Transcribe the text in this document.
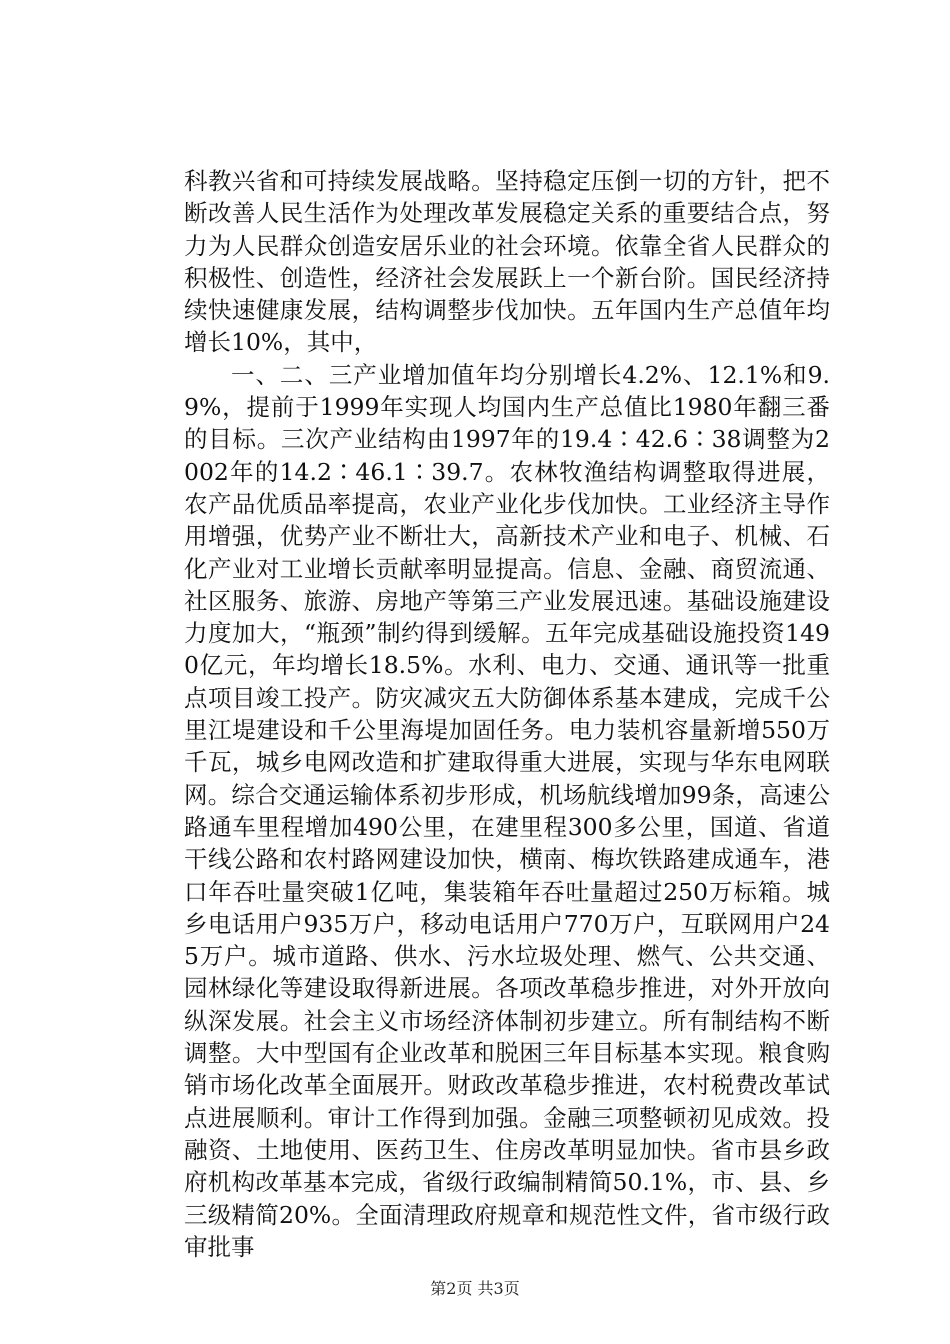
科教兴省和可持续发展战略。坚持稳定压倒一切的方针，把不断改善人民生活作为处理改革发展稳定关系的重要结合点，努力为人民群众创造安居乐业的社会环境。依靠全省人民群众的积极性、创造性，经济社会发展跃上一个新台阶。国民经济持续快速健康发展，结构调整步伐加快。五年国内生产总值年均增长10%，其中，

一、二、三产业增加值年均分别增长4.2%、12.1%和9.9%，提前于1999年实现人均国内生产总值比1980年翻三番的目标。三次产业结构由1997年的19.4∶42.6∶38调整为2002年的14.2∶46.1∶39.7。农林牧渔结构调整取得进展，农产品优质品率提高，农业产业化步伐加快。工业经济主导作用增强，优势产业不断壮大，高新技术产业和电子、机械、石化产业对工业增长贡献率明显提高。信息、金融、商贸流通、社区服务、旅游、房地产等第三产业发展迅速。基础设施建设力度加大，“瓶颈”制约得到缓解。五年完成基础设施投资1490亿元，年均增长18.5%。水利、电力、交通、通讯等一批重点项目竣工投产。防灾减灾五大防御体系基本建成，完成千公里江堤建设和千公里海堤加固任务。电力装机容量新增550万千瓦，城乡电网改造和扩建取得重大进展，实现与华东电网联网。综合交通运输体系初步形成，机场航线增加99条，高速公路通车里程增加490公里，在建里程300多公里，国道、省道干线公路和农村路网建设加快，横南、梅坎铁路建成通车，港口年吞吐量突破1亿吨，集装箱年吞吐量超过250万标箱。城乡电话用户935万户，移动电话用户770万户，互联网用户245万户。城市道路、供水、污水垃圾处理、燃气、公共交通、园林绿化等建设取得新进展。各项改革稳步推进，对外开放向纵深发展。社会主义市场经济体制初步建立。所有制结构不断调整。大中型国有企业改革和脱困三年目标基本实现。粮食购销市场化改革全面展开。财政改革稳步推进，农村税费改革试点进展顺利。审计工作得到加强。金融三项整顿初见成效。投融资、土地使用、医药卫生、住房改革明显加快。省市县乡政府机构改革基本完成，省级行政编制精简50.1%，市、县、乡三级精简20%。全面清理政府规章和规范性文件，省市级行政审批事

第2页 共3页
